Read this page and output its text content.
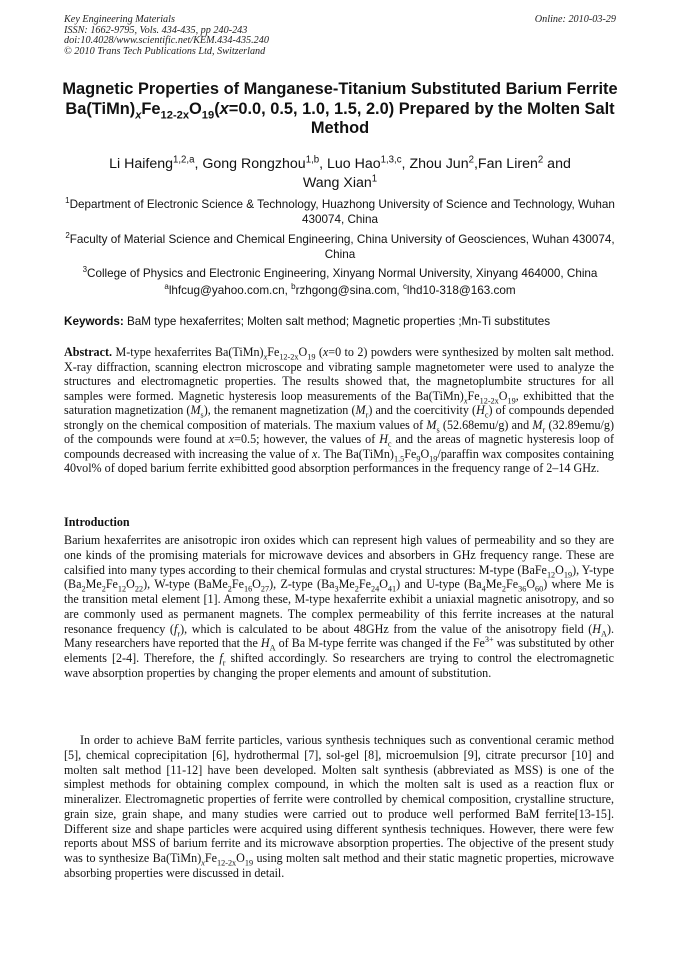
Key Engineering Materials
ISSN: 1662-9795, Vols. 434-435, pp 240-243
doi:10.4028/www.scientific.net/KEM.434-435.240
© 2010 Trans Tech Publications Ltd, Switzerland
Online: 2010-03-29
Magnetic Properties of Manganese-Titanium Substituted Barium Ferrite $Ba(TiMn)_xFe_{12-2x}O_{19}(x=0.0$, 0.5, 1.0, 1.5, 2.0) Prepared by the Molten Salt Method
Li Haifeng$^{1,2,a}$, Gong Rongzhou$^{1,b}$, Luo Hao$^{1,3,c}$, Zhou Jun$^2$,Fan Liren$^2$ and
Wang Xian$^1$
$^1$Department of Electronic Science & Technology, Huazhong University of Science and Technology, Wuhan 430074, China
$^2$Faculty of Material Science and Chemical Engineering, China University of Geosciences, Wuhan 430074, China
$^3$College of Physics and Electronic Engineering, Xinyang Normal University, Xinyang 464000, China
$^a$lhfcug@yahoo.com.cn, $^b$rzhgong@sina.com, $^c$lhd10-318@163.com
Keywords: BaM type hexaferrites; Molten salt method; Magnetic properties ;Mn-Ti substitutes
Abstract. M-type hexaferrites $Ba(TiMn)_xFe_{12-2x}O_{19}$ (x=0 to 2) powders were synthesized by molten salt method. X-ray diffraction, scanning electron microscope and vibrating sample magnetometer were used to analyze the structures and electromagnetic properties. The results showed that, the magnetoplumbite structures for all samples were formed. Magnetic hysteresis loop measurements of the $Ba(TiMn)_xFe_{12-2x}O_{19}$, exhibitted that the saturation magnetization $(M_s)$, the remanent magnetization $(M_r)$ and the coercitivity $(H_c)$ of compounds depended strongly on the chemical composition of materials. The maxium values of $M_s$ (52.68emu/g) and $M_r$ (32.89emu/g) of the compounds were found at x=0.5; however, the values of $H_c$ and the areas of magnetic hysteresis loop of compounds decreased with increasing the value of x. The $Ba(TiMn)_{1.5}Fe_9O_{19}$/paraffin wax composites containing 40vol% of doped barium ferrite exhibitted good absorption performances in the frequency range of 2–14 GHz.
Introduction
Barium hexaferrites are anisotropic iron oxides which can represent high values of permeability and so they are one kinds of the promising materials for microwave devices and absorbers in GHz frequency range. These are calsified into many types according to their chemical formulas and crystal structures: M-type $(BaFe_{12}O_{19})$, Y-type $(Ba_2Me_2Fe_{12}O_{22})$, W-type $(BaMe_2Fe_{16}O_{27})$, Z-type $(Ba_3Me_2Fe_{24}O_{41})$ and U-type $(Ba_4Me_2Fe_{36}O_{60})$ where Me is the transition metal element [1]. Among these, M-type hexaferrite exhibit a uniaxial magnetic anisotropy, and so are commonly used as permanent magnets. The complex permeability of this ferrite increases at the natural resonance frequency $(f_r)$, which is calculated to be about 48GHz from the value of the anisotropy field $(H_A)$. Many researchers have reported that the $H_A$ of Ba M-type ferrite was changed if the $Fe^{3+}$ was substituted by other elements [2-4]. Therefore, the $f_r$ shifted accordingly. So researchers are trying to control the electromagnetic wave absorption properties by changing the proper elements and amount of substitution.
In order to achieve BaM ferrite particles, various synthesis techniques such as conventional ceramic method [5], chemical coprecipitation [6], hydrothermal [7], sol-gel [8], microemulsion [9], citrate precursor [10] and molten salt method [11-12] have been developed. Molten salt synthesis (abbreviated as MSS) is one of the simplest methods for obtaining complex compound, in which the molten salt is used as a reaction flux or mineralizer. Electromagnetic properties of ferrite were controlled by chemical composition, crystalline structure, grain size, grain shape, and many studies were carried out to produce well performed BaM ferrite[13-15]. Different size and shape particles were acquired using different synthesis techniques. However, there were few reports about MSS of barium ferrite and its microwave absorption properties. The objective of the present study was to synthesize $Ba(TiMn)_xFe_{12-2x}O_{19}$ using molten salt method and their static magnetic properties, microwave absorbing properties were discussed in detail.
